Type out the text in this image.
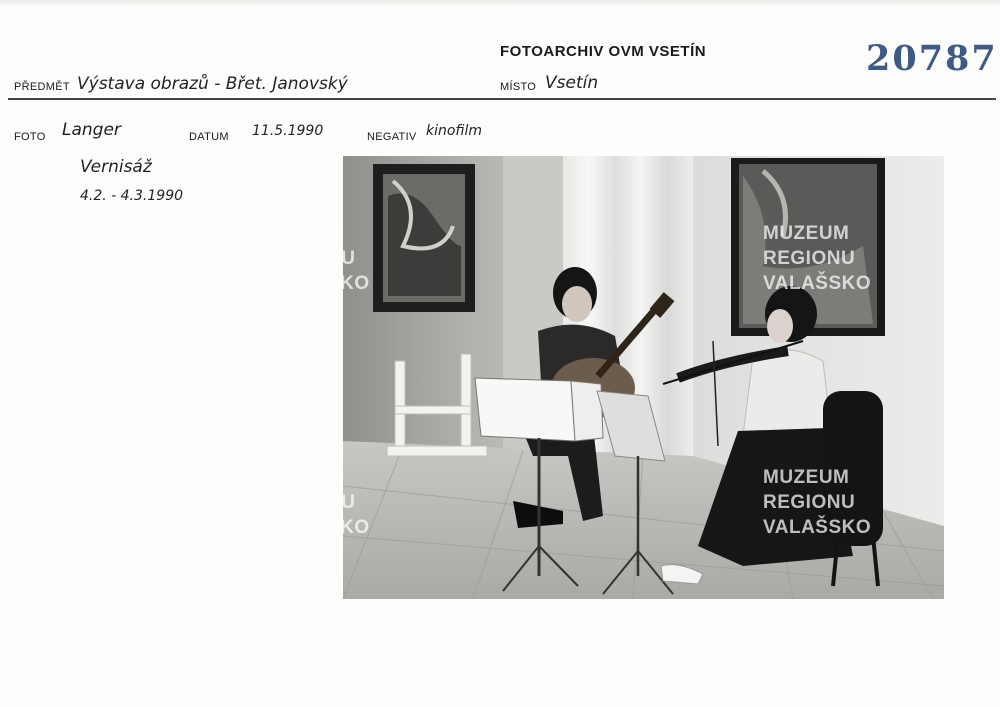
FOTOARCHIV OVM VSETÍN	20787
PŘEDMĚT Výstava obrazů - Břet. Janovský	MÍSTO Vsetín
FOTO Langer	DATUM 11.5.1990	NEGATIV kinofilm
Vernisáž
4.2. - 4.3.1990
MUZEUM
REGIONU
VALAŠSKO
MUZEUM
REGIONU
VALAŠSKO
M
NU
SKO
M
NU
SKO
